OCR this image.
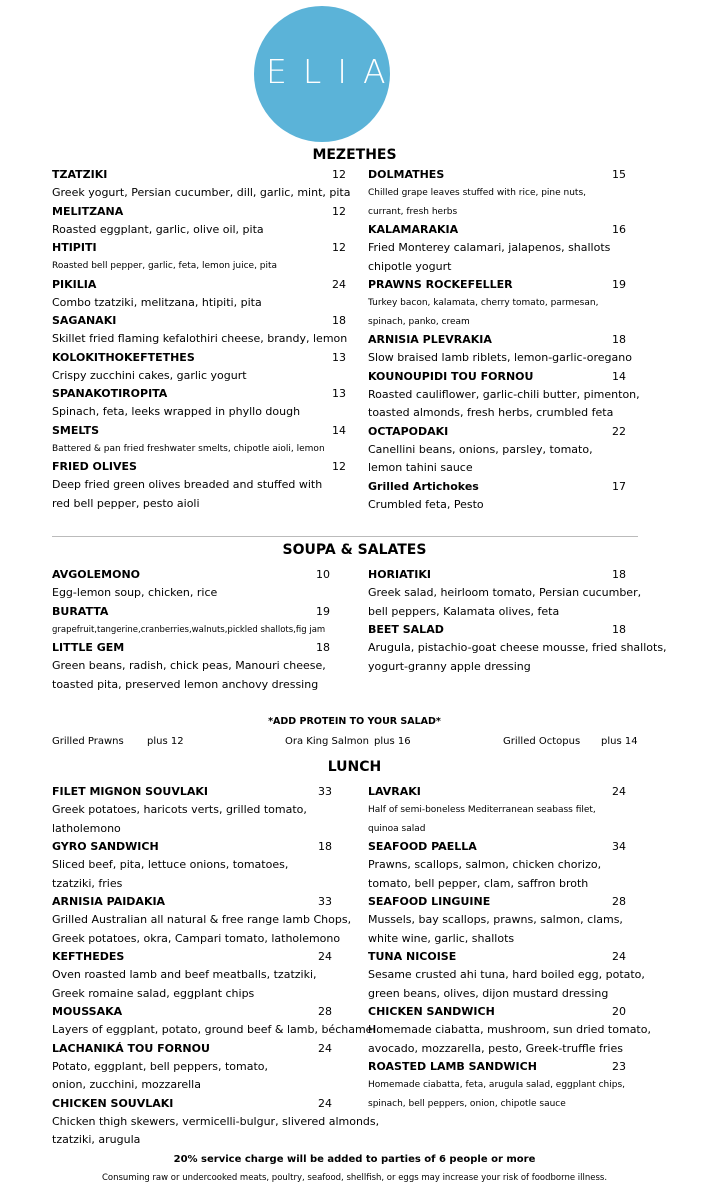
ELIA
MEZETHES
TZATZIKI	12
Greek yogurt, Persian cucumber, dill, garlic, mint, pita
MELITZANA	12
Roasted eggplant, garlic, olive oil, pita
HTIPITI	12
Roasted bell pepper, garlic, feta, lemon juice, pita
PIKILIA	24
Combo tzatziki, melitzana, htipiti, pita
SAGANAKI	18
Skillet fried flaming kefalothiri cheese, brandy, lemon
KOLOKITHOKEFTETHES	13
Crispy zucchini cakes, garlic yogurt
SPANAKOTIROPITA	13
Spinach, feta, leeks wrapped in phyllo dough
SMELTS	14
Battered & pan fried freshwater smelts, chipotle aioli, lemon
FRIED OLIVES	12
Deep fried green olives breaded and stuffed with
red bell pepper, pesto aioli
DOLMATHES	15
Chilled grape leaves stuffed with rice, pine nuts,
currant, fresh herbs
KALAMARAKIA	16
Fried Monterey calamari, jalapenos, shallots
chipotle yogurt
PRAWNS ROCKEFELLER	19
Turkey bacon, kalamata, cherry tomato, parmesan,
spinach, panko, cream
ARNISIA PLEVRAKIA	18
Slow braised lamb riblets, lemon-garlic-oregano
KOUNOUPIDI TOU FORNOU	14
Roasted cauliflower, garlic-chili butter, pimenton,
toasted almonds, fresh herbs, crumbled feta
OCTAPODAKI	22
Canellini beans, onions, parsley, tomato,
lemon tahini sauce
Grilled Artichokes	17
Crumbled feta, Pesto
SOUPA & SALATES
AVGOLEMONO	10
Egg-lemon soup, chicken, rice
BURATTA	19
grapefruit,tangerine,cranberries,walnuts,pickled shallots,fig jam
LITTLE GEM	18
Green beans, radish, chick peas, Manouri cheese,
toasted pita, preserved lemon anchovy dressing
HORIATIKI	18
Greek salad, heirloom tomato, Persian cucumber,
bell peppers, Kalamata olives, feta
BEET SALAD	18
Arugula, pistachio-goat cheese mousse, fried shallots,
yogurt-granny apple dressing
*ADD PROTEIN TO YOUR SALAD*
Grilled Prawns plus 12	Ora King Salmon plus 16	Grilled Octopus plus 14
LUNCH
FILET MIGNON SOUVLAKI	33
Greek potatoes, haricots verts, grilled tomato,
latholemono
GYRO SANDWICH	18
Sliced beef, pita, lettuce onions, tomatoes,
tzatziki, fries
ARNISIA PAIDAKIA	33
Grilled Australian all natural & free range lamb Chops,
Greek potatoes, okra, Campari tomato, latholemono
KEFTHEDES	24
Oven roasted lamb and beef meatballs, tzatziki,
Greek romaine salad, eggplant chips
MOUSSAKA	28
Layers of eggplant, potato, ground beef & lamb, béchamel
LACHANIKÁ TOU FORNOU	24
Potato, eggplant, bell peppers, tomato,
onion, zucchini, mozzarella
CHICKEN SOUVLAKI	24
Chicken thigh skewers, vermicelli-bulgur, slivered almonds,
tzatziki, arugula
LAVRAKI	24
Half of semi-boneless Mediterranean seabass filet,
quinoa salad
SEAFOOD PAELLA	34
Prawns, scallops, salmon, chicken chorizo,
tomato, bell pepper, clam, saffron broth
SEAFOOD LINGUINE	28
Mussels, bay scallops, prawns, salmon, clams,
white wine, garlic, shallots
TUNA NICOISE	24
Sesame crusted ahi tuna, hard boiled egg, potato,
green beans, olives, dijon mustard dressing
CHICKEN SANDWICH	20
Homemade ciabatta, mushroom, sun dried tomato,
avocado, mozzarella, pesto, Greek-truffle fries
ROASTED LAMB SANDWICH	23
Homemade ciabatta, feta, arugula salad, eggplant chips,
spinach, bell peppers, onion, chipotle sauce
20% service charge will be added to parties of 6 people or more
Consuming raw or undercooked meats, poultry, seafood, shellfish, or eggs may increase your risk of foodborne illness.
